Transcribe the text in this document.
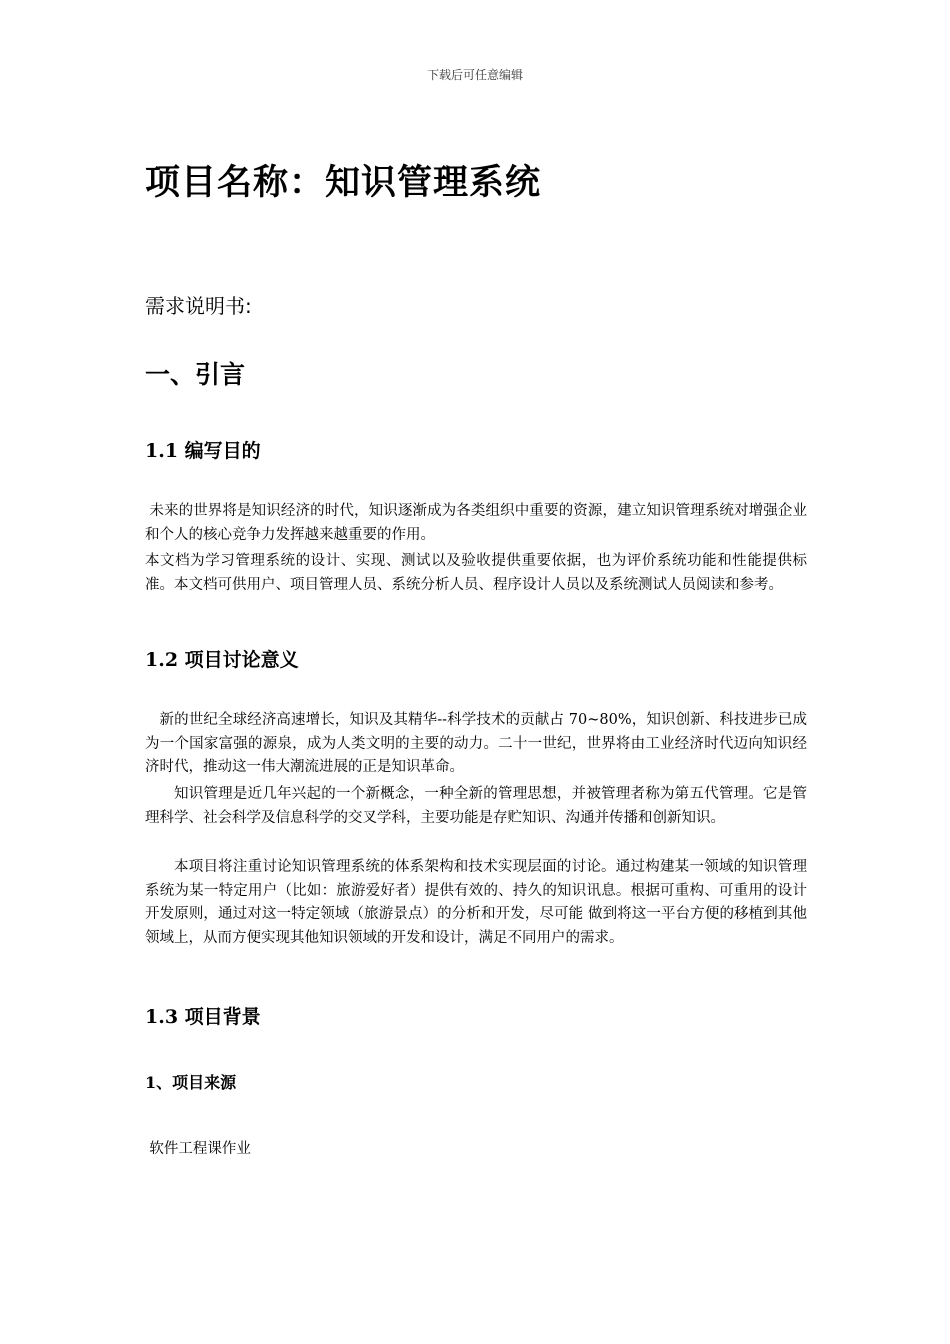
下载后可任意编辑
项目名称：知识管理系统
需求说明书:
一、引言
1.1 编写目的

未来的世界将是知识经济的时代，知识逐渐成为各类组织中重要的资源，建立知识管理系统对增强企业和个人的核心竞争力发挥越来越重要的作用。

本文档为学习管理系统的设计、实现、测试以及验收提供重要依据，也为评价系统功能和性能提供标准。本文档可供用户、项目管理人员、系统分析人员、程序设计人员以及系统测试人员阅读和参考。

1.2 项目讨论意义

新的世纪全球经济高速增长，知识及其精华--科学技术的贡献占 70~80%，知识创新、科技进步已成为一个国家富强的源泉，成为人类文明的主要的动力。二十一世纪，世界将由工业经济时代迈向知识经济时代，推动这一伟大潮流进展的正是知识革命。

知识管理是近几年兴起的一个新概念，一种全新的管理思想，并被管理者称为第五代管理。它是管理科学、社会科学及信息科学的交叉学科，主要功能是存贮知识、沟通并传播和创新知识。

本项目将注重讨论知识管理系统的体系架构和技术实现层面的讨论。通过构建某一领域的知识管理系统为某一特定用户（比如：旅游爱好者）提供有效的、持久的知识讯息。根据可重构、可重用的设计开发原则，通过对这一特定领域（旅游景点）的分析和开发，尽可能 做到将这一平台方便的移植到其他领域上，从而方便实现其他知识领域的开发和设计，满足不同用户的需求。

1.3 项目背景
1、项目来源

软件工程课作业
